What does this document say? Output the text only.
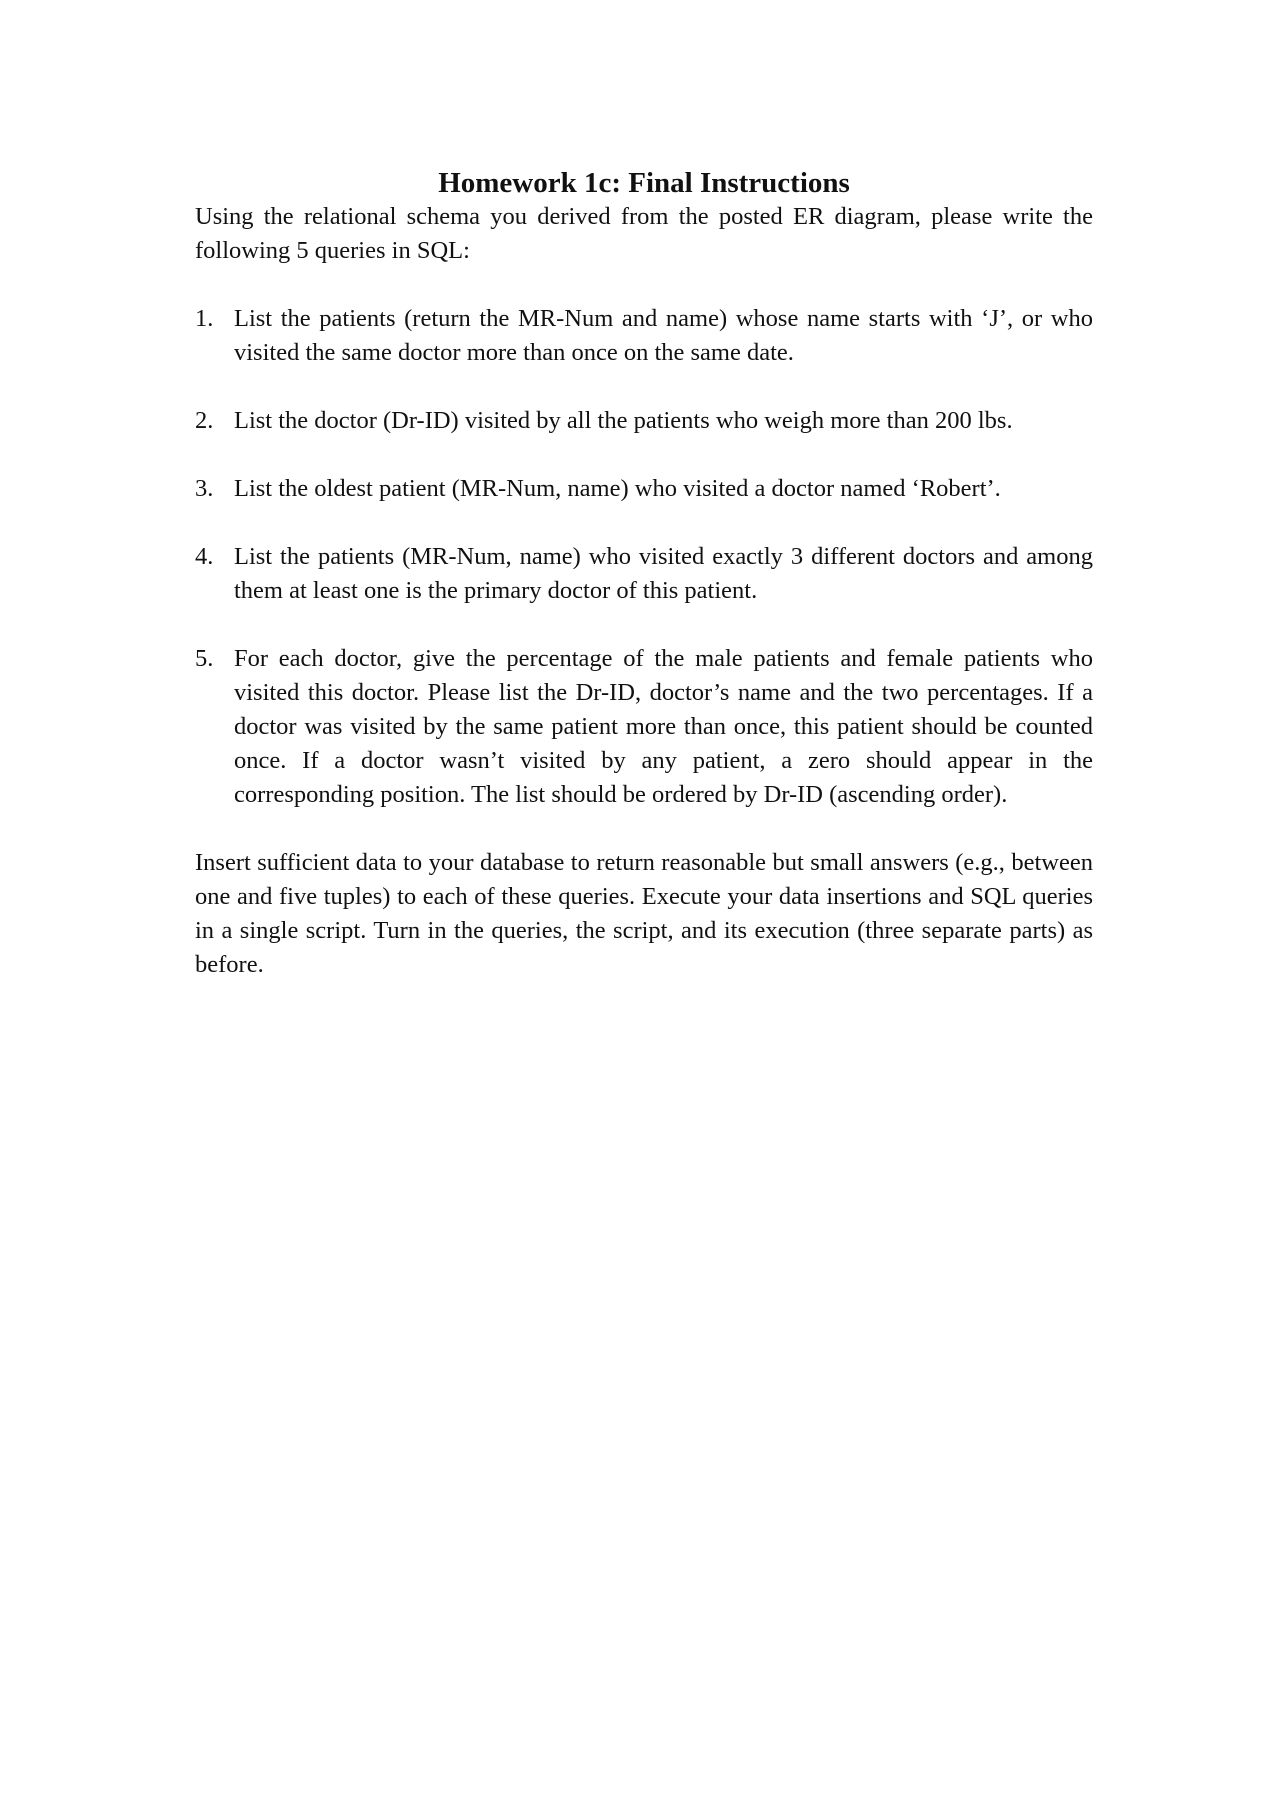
Homework 1c: Final Instructions

Using the relational schema you derived from the posted ER diagram, please write the following 5 queries in SQL:

1. List the patients (return the MR-Num and name) whose name starts with ‘J’, or who visited the same doctor more than once on the same date.
2. List the doctor (Dr-ID) visited by all the patients who weigh more than 200 lbs.
3. List the oldest patient (MR-Num, name) who visited a doctor named ‘Robert’.
4. List the patients (MR-Num, name) who visited exactly 3 different doctors and among them at least one is the primary doctor of this patient.
5. For each doctor, give the percentage of the male patients and female patients who visited this doctor. Please list the Dr-ID, doctor’s name and the two percentages. If a doctor was visited by the same patient more than once, this patient should be counted once. If a doctor wasn’t visited by any patient, a zero should appear in the corresponding position. The list should be ordered by Dr-ID (ascending order).

Insert sufficient data to your database to return reasonable but small answers (e.g., between one and five tuples) to each of these queries. Execute your data insertions and SQL queries in a single script. Turn in the queries, the script, and its execution (three separate parts) as before.
